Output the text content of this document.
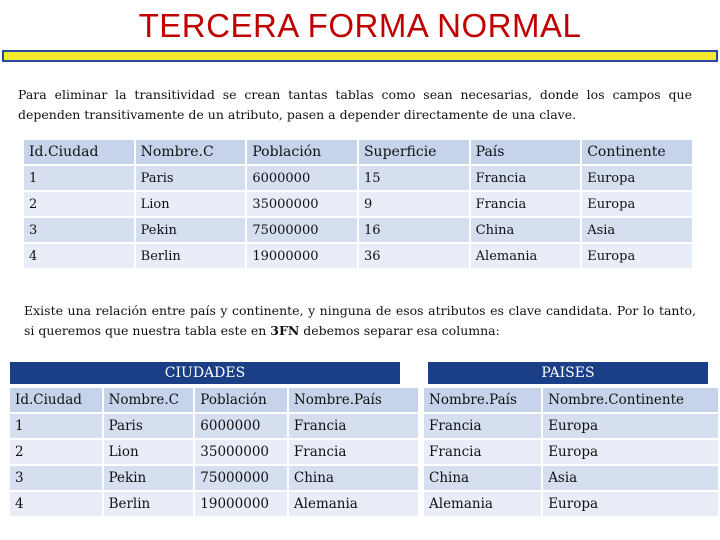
TERCERA FORMA NORMAL

Para eliminar la transitividad se crean tantas tablas como sean necesarias, donde los campos que dependen transitivamente de un atributo, pasen a depender directamente de una clave.

Id.Ciudad	Nombre.C	Población	Superficie	País	Continente
1	Paris	6000000	15	Francia	Europa
2	Lion	35000000	9	Francia	Europa
3	Pekin	75000000	16	China	Asia
4	Berlin	19000000	36	Alemania	Europa

Existe una relación entre país y continente, y ninguna de esos atributos es clave candidata. Por lo tanto, si queremos que nuestra tabla este en 3FN debemos separar esa columna:

CIUDADES	PAISES
Id.Ciudad	Nombre.C	Población	Nombre.País
1	Paris	6000000	Francia
2	Lion	35000000	Francia
3	Pekin	75000000	China
4	Berlin	19000000	Alemania
Nombre.País	Nombre.Continente
Francia	Europa
Francia	Europa
China	Asia
Alemania	Europa
